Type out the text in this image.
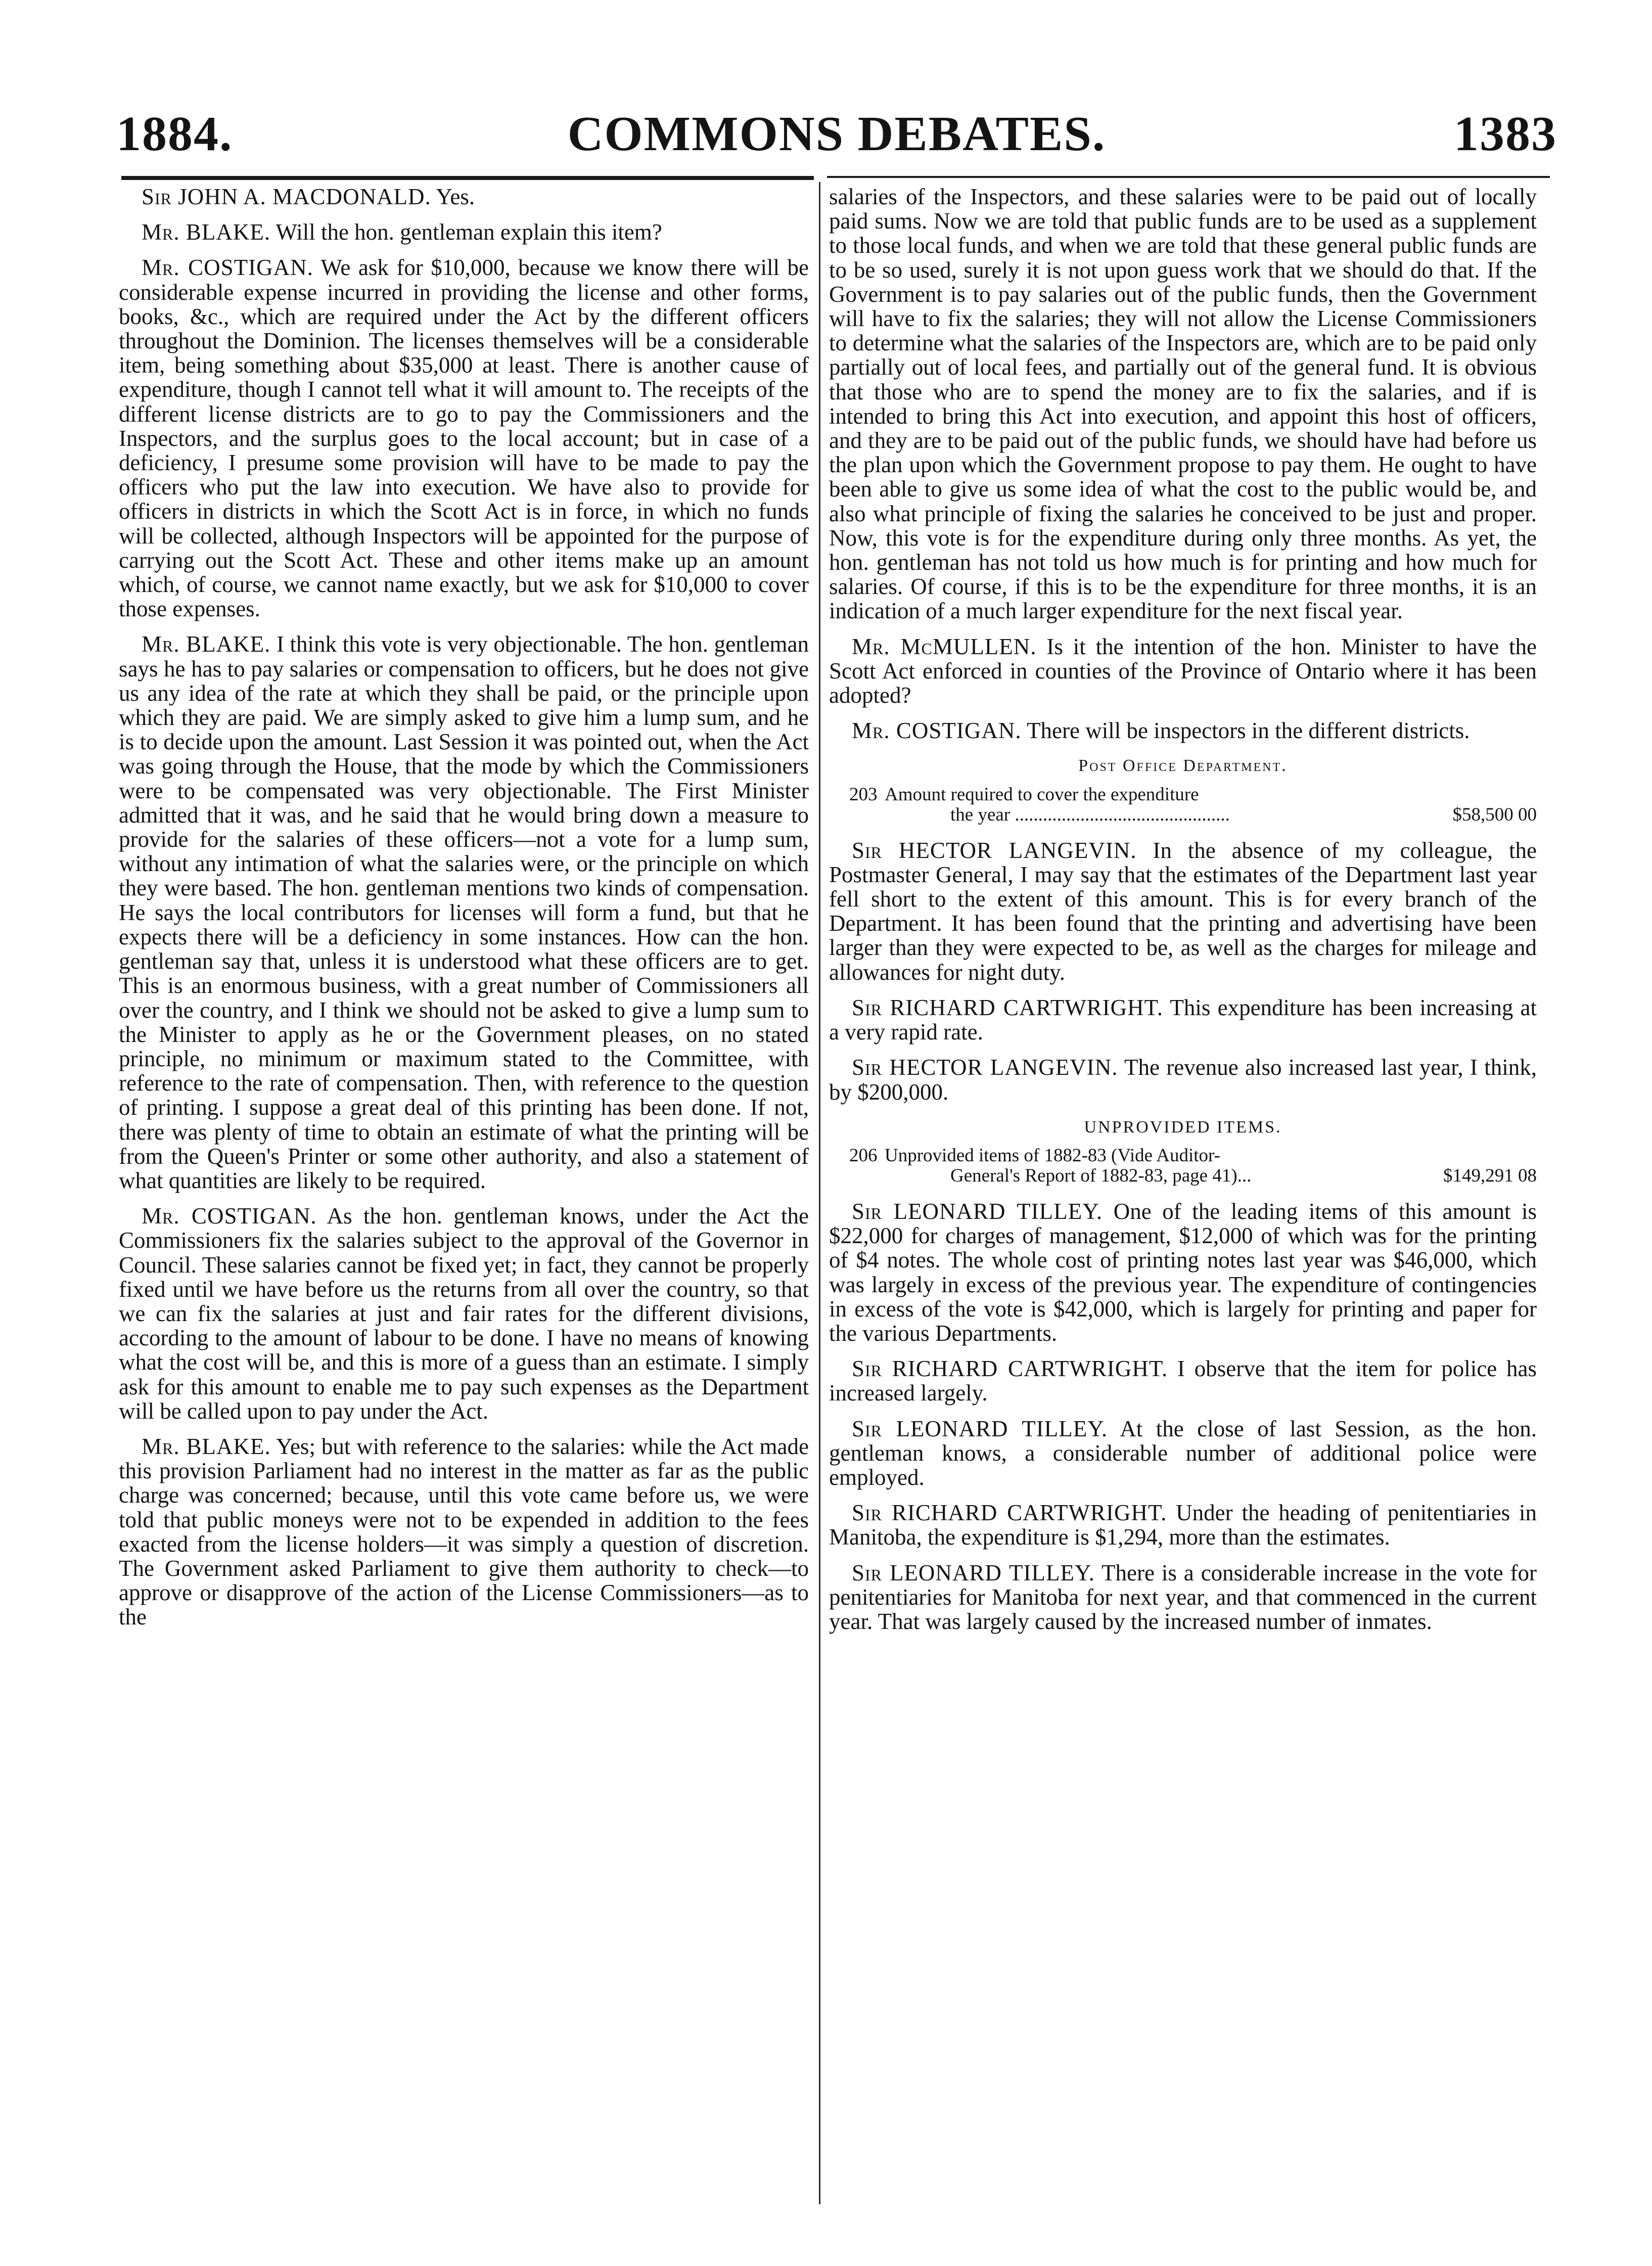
1884.	COMMONS DEBATES.	1383

Sir JOHN A. MACDONALD. Yes.

Mr. BLAKE. Will the hon. gentleman explain this item?

Mr. COSTIGAN. We ask for $10,000, because we know there will be considerable expense incurred in providing the license and other forms, books, &c., which are required under the Act by the different officers throughout the Dominion. The licenses themselves will be a considerable item, being something about $35,000 at least. There is another cause of expenditure, though I cannot tell what it will amount to. The receipts of the different license districts are to go to pay the Commissioners and the Inspectors, and the surplus goes to the local account; but in case of a deficiency, I presume some provision will have to be made to pay the officers who put the law into execution. We have also to provide for officers in districts in which the Scott Act is in force, in which no funds will be collected, although Inspectors will be appointed for the purpose of carrying out the Scott Act. These and other items make up an amount which, of course, we cannot name exactly, but we ask for $10,000 to cover those expenses.

Mr. BLAKE. I think this vote is very objectionable. The hon. gentleman says he has to pay salaries or compensation to officers, but he does not give us any idea of the rate at which they shall be paid, or the principle upon which they are paid. We are simply asked to give him a lump sum, and he is to decide upon the amount. Last Session it was pointed out, when the Act was going through the House, that the mode by which the Commissioners were to be compensated was very objectionable. The First Minister admitted that it was, and he said that he would bring down a measure to provide for the salaries of these officers—not a vote for a lump sum, without any intimation of what the salaries were, or the principle on which they were based. The hon. gentleman mentions two kinds of compensation. He says the local contributors for licenses will form a fund, but that he expects there will be a deficiency in some instances. How can the hon. gentleman say that, unless it is understood what these officers are to get. This is an enormous business, with a great number of Commissioners all over the country, and I think we should not be asked to give a lump sum to the Minister to apply as he or the Government pleases, on no stated principle, no minimum or maximum stated to the Committee, with reference to the rate of compensation. Then, with reference to the question of printing. I suppose a great deal of this printing has been done. If not, there was plenty of time to obtain an estimate of what the printing will be from the Queen's Printer or some other authority, and also a statement of what quantities are likely to be required.

Mr. COSTIGAN. As the hon. gentleman knows, under the Act the Commissioners fix the salaries subject to the approval of the Governor in Council. These salaries cannot be fixed yet; in fact, they cannot be properly fixed until we have before us the returns from all over the country, so that we can fix the salaries at just and fair rates for the different divisions, according to the amount of labour to be done. I have no means of knowing what the cost will be, and this is more of a guess than an estimate. I simply ask for this amount to enable me to pay such expenses as the Department will be called upon to pay under the Act.

Mr. BLAKE. Yes; but with reference to the salaries: while the Act made this provision Parliament had no interest in the matter as far as the public charge was concerned; because, until this vote came before us, we were told that public moneys were not to be expended in addition to the fees exacted from the license holders—it was simply a question of discretion. The Government asked Parliament to give them authority to check—to approve or disapprove of the action of the License Commissioners—as to the

salaries of the Inspectors, and these salaries were to be paid out of locally paid sums. Now we are told that public funds are to be used as a supplement to those local funds, and when we are told that these general public funds are to be so used, surely it is not upon guess work that we should do that. If the Government is to pay salaries out of the public funds, then the Government will have to fix the salaries; they will not allow the License Commissioners to determine what the salaries of the Inspectors are, which are to be paid only partially out of local fees, and partially out of the general fund. It is obvious that those who are to spend the money are to fix the salaries, and if is intended to bring this Act into execution, and appoint this host of officers, and they are to be paid out of the public funds, we should have had before us the plan upon which the Government propose to pay them. He ought to have been able to give us some idea of what the cost to the public would be, and also what principle of fixing the salaries he conceived to be just and proper. Now, this vote is for the expenditure during only three months. As yet, the hon. gentleman has not told us how much is for printing and how much for salaries. Of course, if this is to be the expenditure for three months, it is an indication of a much larger expenditure for the next fiscal year.

Mr. McMULLEN. Is it the intention of the hon. Minister to have the Scott Act enforced in counties of the Province of Ontario where it has been adopted?

Mr. COSTIGAN. There will be inspectors in the different districts.

Post Office Department.
203 Amount required to cover the expenditure
the year ..............................................	$58,500 00

Sir HECTOR LANGEVIN. In the absence of my colleague, the Postmaster General, I may say that the estimates of the Department last year fell short to the extent of this amount. This is for every branch of the Department. It has been found that the printing and advertising have been larger than they were expected to be, as well as the charges for mileage and allowances for night duty.

Sir RICHARD CARTWRIGHT. This expenditure has been increasing at a very rapid rate.

Sir HECTOR LANGEVIN. The revenue also increased last year, I think, by $200,000.

UNPROVIDED ITEMS.
206 Unprovided items of 1882-83 (Vide Auditor-
General's Report of 1882-83, page 41)...	$149,291 08

Sir LEONARD TILLEY. One of the leading items of this amount is $22,000 for charges of management, $12,000 of which was for the printing of $4 notes. The whole cost of printing notes last year was $46,000, which was largely in excess of the previous year. The expenditure of contingencies in excess of the vote is $42,000, which is largely for printing and paper for the various Departments.

Sir RICHARD CARTWRIGHT. I observe that the item for police has increased largely.

Sir LEONARD TILLEY. At the close of last Session, as the hon. gentleman knows, a considerable number of additional police were employed.

Sir RICHARD CARTWRIGHT. Under the heading of penitentiaries in Manitoba, the expenditure is $1,294, more than the estimates.

Sir LEONARD TILLEY. There is a considerable increase in the vote for penitentiaries for Manitoba for next year, and that commenced in the current year. That was largely caused by the increased number of inmates.
